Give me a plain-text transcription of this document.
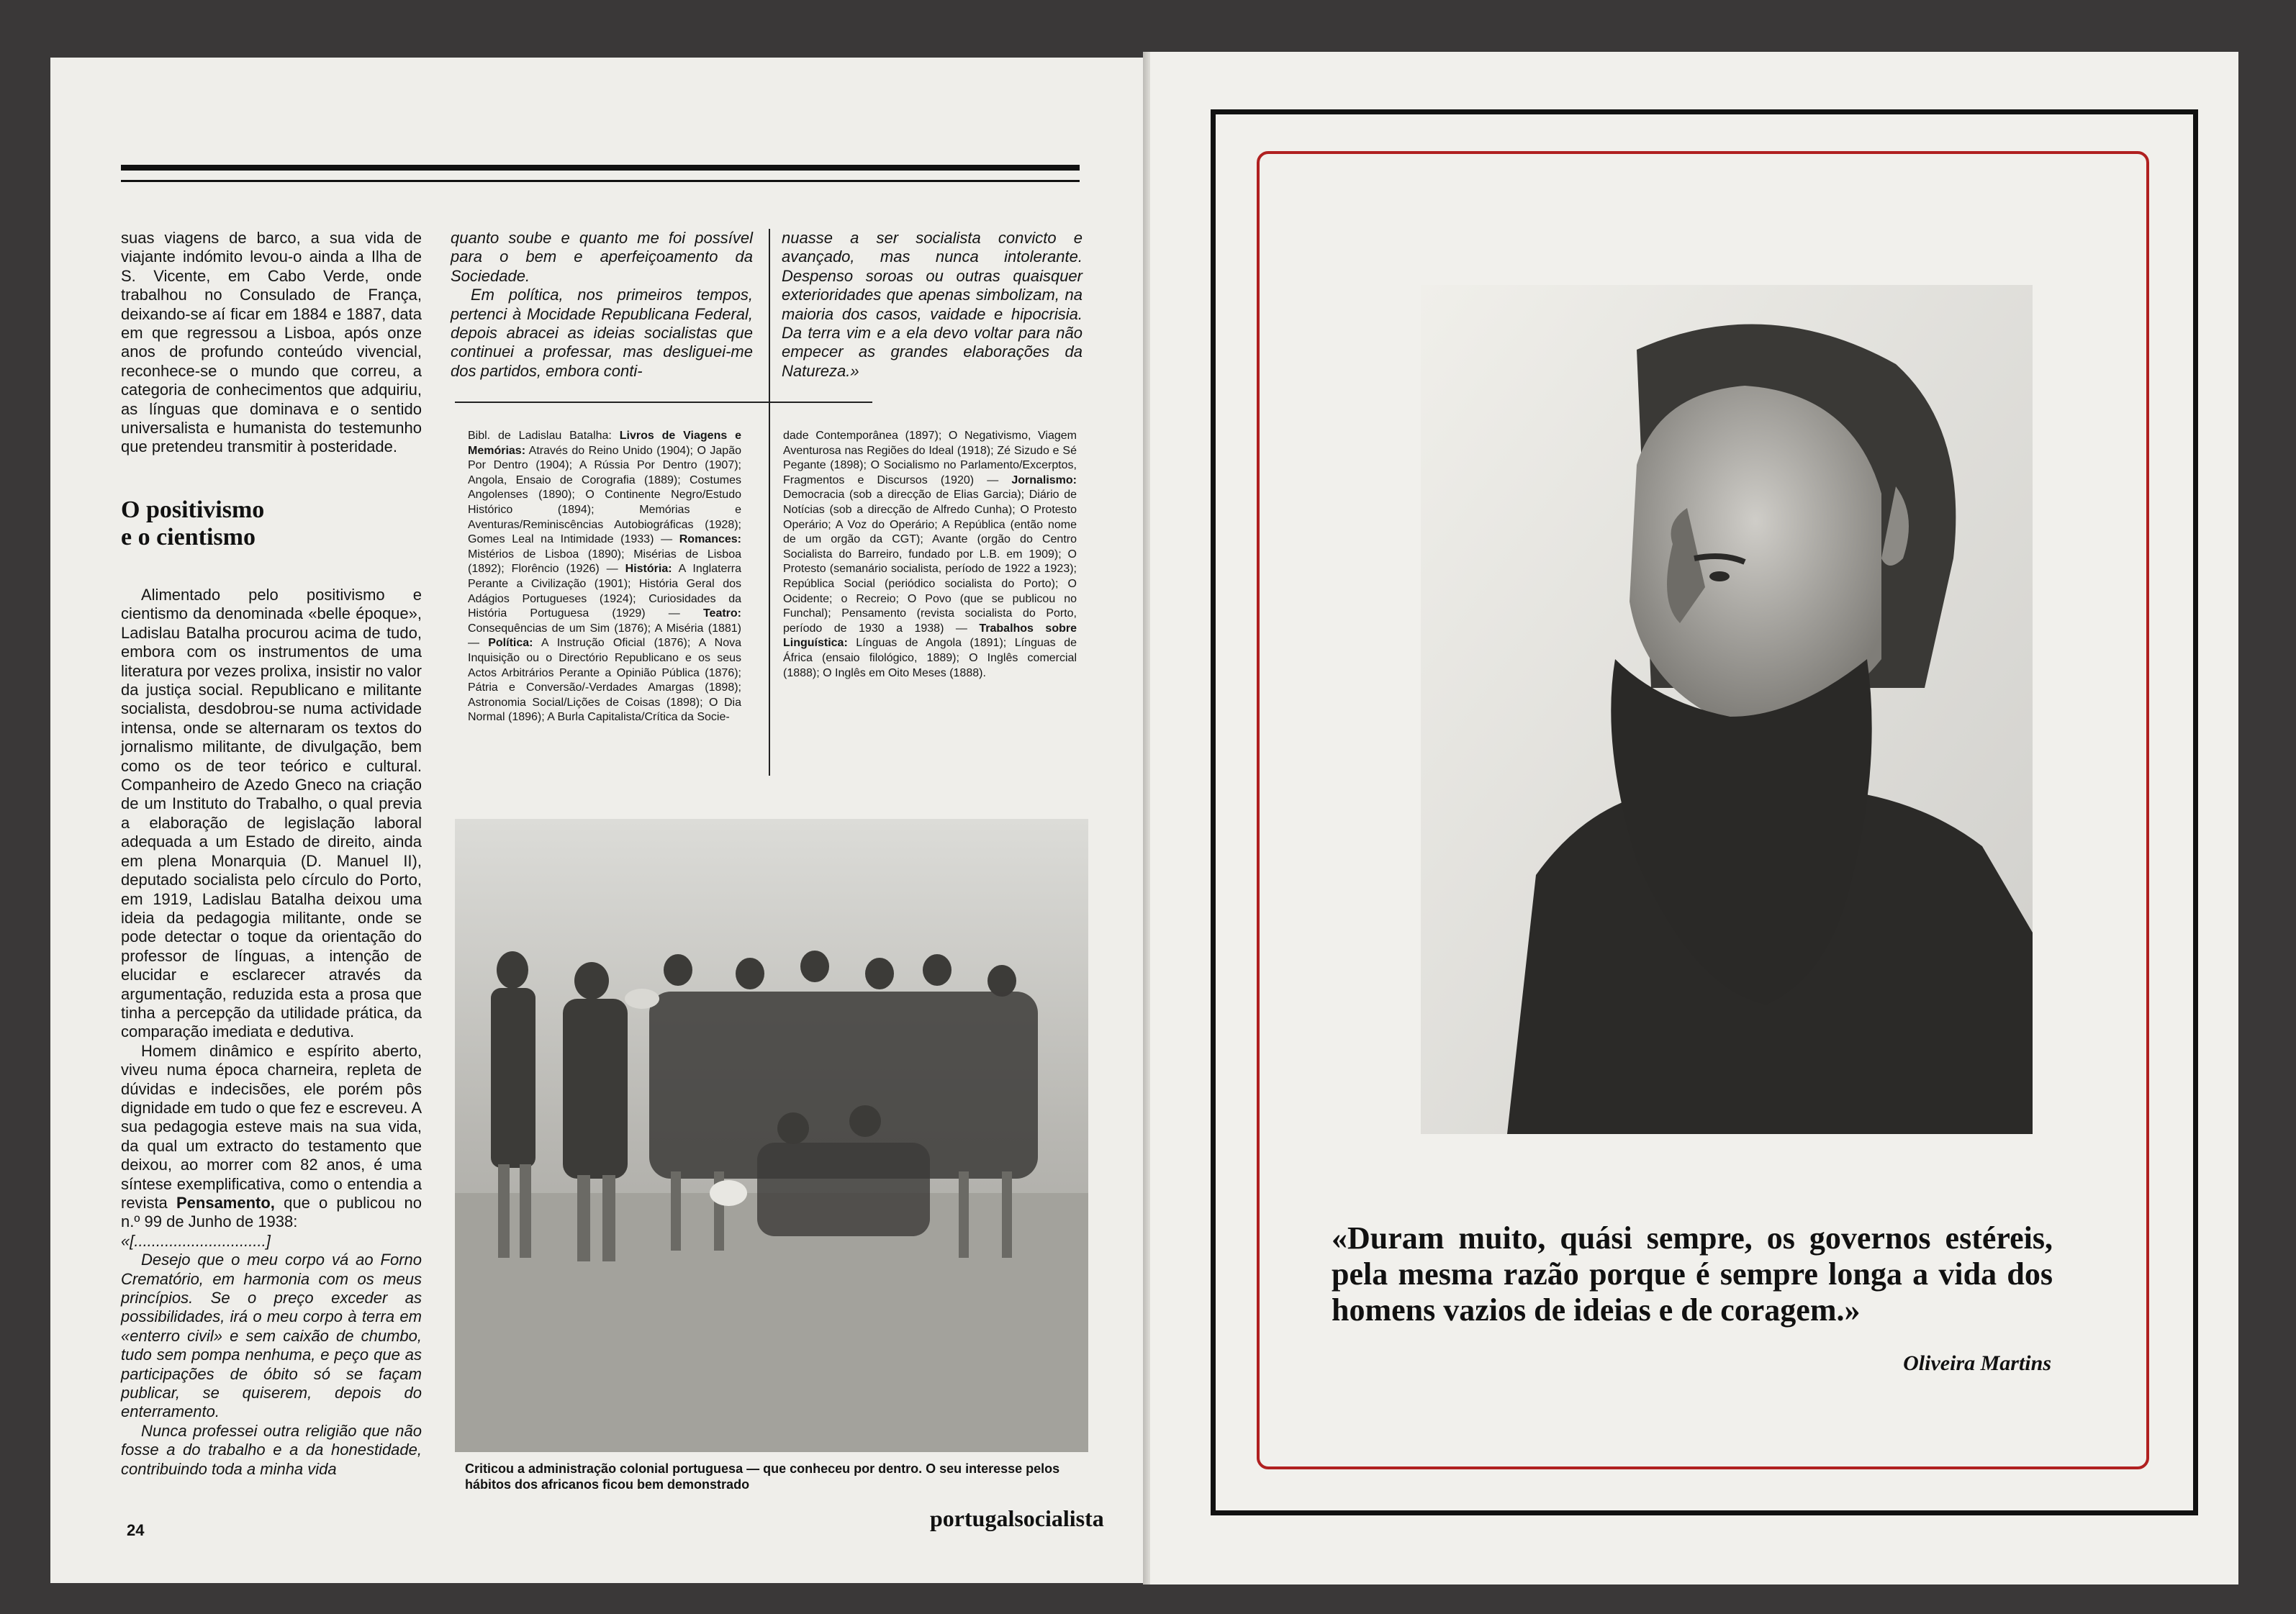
suas viagens de barco, a sua vida de viajante indómito levou-o ainda a Ilha de S. Vicente, em Cabo Verde, onde trabalhou no Consulado de França, deixando-se aí ficar em 1884 e 1887, data em que regressou a Lisboa, após onze anos de profundo conteúdo vivencial, reconhece-se o mundo que correu, a categoria de conhecimentos que adquiriu, as línguas que dominava e o sentido universalista e humanista do testemunho que pretendeu transmitir à posteridade.

O positivismo
e o cientismo

Alimentado pelo positivismo e cientismo da denominada «belle époque», Ladislau Batalha procurou acima de tudo, embora com os instrumentos de uma literatura por vezes prolixa, insistir no valor da justiça social. Republicano e militante socialista, desdobrou-se numa actividade intensa, onde se alternaram os textos do jornalismo militante, de divulgação, bem como os de teor teórico e cultural. Companheiro de Azedo Gneco na criação de um Instituto do Trabalho, o qual previa a elaboração de legislação laboral adequada a um Estado de direito, ainda em plena Monarquia (D. Manuel II), deputado socialista pelo círculo do Porto, em 1919, Ladislau Batalha deixou uma ideia da pedagogia militante, onde se pode detectar o toque da orientação do professor de línguas, a intenção de elucidar e esclarecer através da argumentação, reduzida esta a prosa que tinha a percepção da utilidade prática, da comparação imediata e dedutiva.

Homem dinâmico e espírito aberto, viveu numa época charneira, repleta de dúvidas e indecisões, ele porém pôs dignidade em tudo o que fez e escreveu. A sua pedagogia esteve mais na sua vida, da qual um extracto do testamento que deixou, ao morrer com 82 anos, é uma síntese exemplificativa, como o entendia a revista Pensamento, que o publicou no n.º 99 de Junho de 1938:

«[..............................]

Desejo que o meu corpo vá ao Forno Crematório, em harmonia com os meus princípios. Se o preço exceder as possibilidades, irá o meu corpo à terra em «enterro civil» e sem caixão de chumbo, tudo sem pompa nenhuma, e peço que as participações de óbito só se façam publicar, se quiserem, depois do enterramento.

Nunca professei outra religião que não fosse a do trabalho e a da honestidade, contribuindo toda a minha vida

quanto soube e quanto me foi possível para o bem e aperfeiçoamento da Sociedade.

Em política, nos primeiros tempos, pertenci à Mocidade Republicana Federal, depois abracei as ideias socialistas que continuei a professar, mas desliguei-me dos partidos, embora conti-

nuasse a ser socialista convicto e avançado, mas nunca intolerante. Despenso soroas ou outras quaisquer exterioridades que apenas simbolizam, na maioria dos casos, vaidade e hipocrisia. Da terra vim e a ela devo voltar para não empecer as grandes elaborações da Natureza.»

Bibl. de Ladislau Batalha: Livros de Viagens e Memórias: Através do Reino Unido (1904); O Japão Por Dentro (1904); A Rússia Por Dentro (1907); Angola, Ensaio de Corografia (1889); Costumes Angolenses (1890); O Continente Negro/Estudo Histórico (1894); Memórias e Aventuras/Reminiscências Autobiográficas (1928); Gomes Leal na Intimidade (1933) — Romances: Mistérios de Lisboa (1890); Misérias de Lisboa (1892); Florêncio (1926) — História: A Inglaterra Perante a Civilização (1901); História Geral dos Adágios Portugueses (1924); Curiosidades da História Portuguesa (1929) — Teatro: Consequências de um Sim (1876); A Miséria (1881) — Política: A Instrução Oficial (1876); A Nova Inquisição ou o Directório Republicano e os seus Actos Arbitrários Perante a Opinião Pública (1876); Pátria e Conversão/-Verdades Amargas (1898); Astronomia Social/Lições de Coisas (1898); O Dia Normal (1896); A Burla Capitalista/Crítica da Socie-
dade Contemporânea (1897); O Negativismo, Viagem Aventurosa nas Regiões do Ideal (1918); Zé Sizudo e Sé Pegante (1898); O Socialismo no Parlamento/Excerptos, Fragmentos e Discursos (1920) — Jornalismo: Democracia (sob a direcção de Elias Garcia); Diário de Notícias (sob a direcção de Alfredo Cunha); O Protesto Operário; A Voz do Operário; A República (então nome de um orgão da CGT); Avante (orgão do Centro Socialista do Barreiro, fundado por L.B. em 1909); O Protesto (semanário socialista, período de 1922 a 1923); República Social (periódico socialista do Porto); O Ocidente; o Recreio; O Povo (que se publicou no Funchal); Pensamento (revista socialista do Porto, período de 1930 a 1938) — Trabalhos sobre Linguística: Línguas de Angola (1891); Línguas de África (ensaio filológico, 1889); O Inglês comercial (1888); O Inglês em Oito Meses (1888).
Criticou a administração colonial portuguesa — que conheceu por dentro. O seu interesse pelos hábitos dos africanos ficou bem demonstrado
24	portugalsocialista
«Duram muito, quási sempre, os governos estéreis, pela mesma razão porque é sempre longa a vida dos homens vazios de ideias e de coragem.»
Oliveira Martins
